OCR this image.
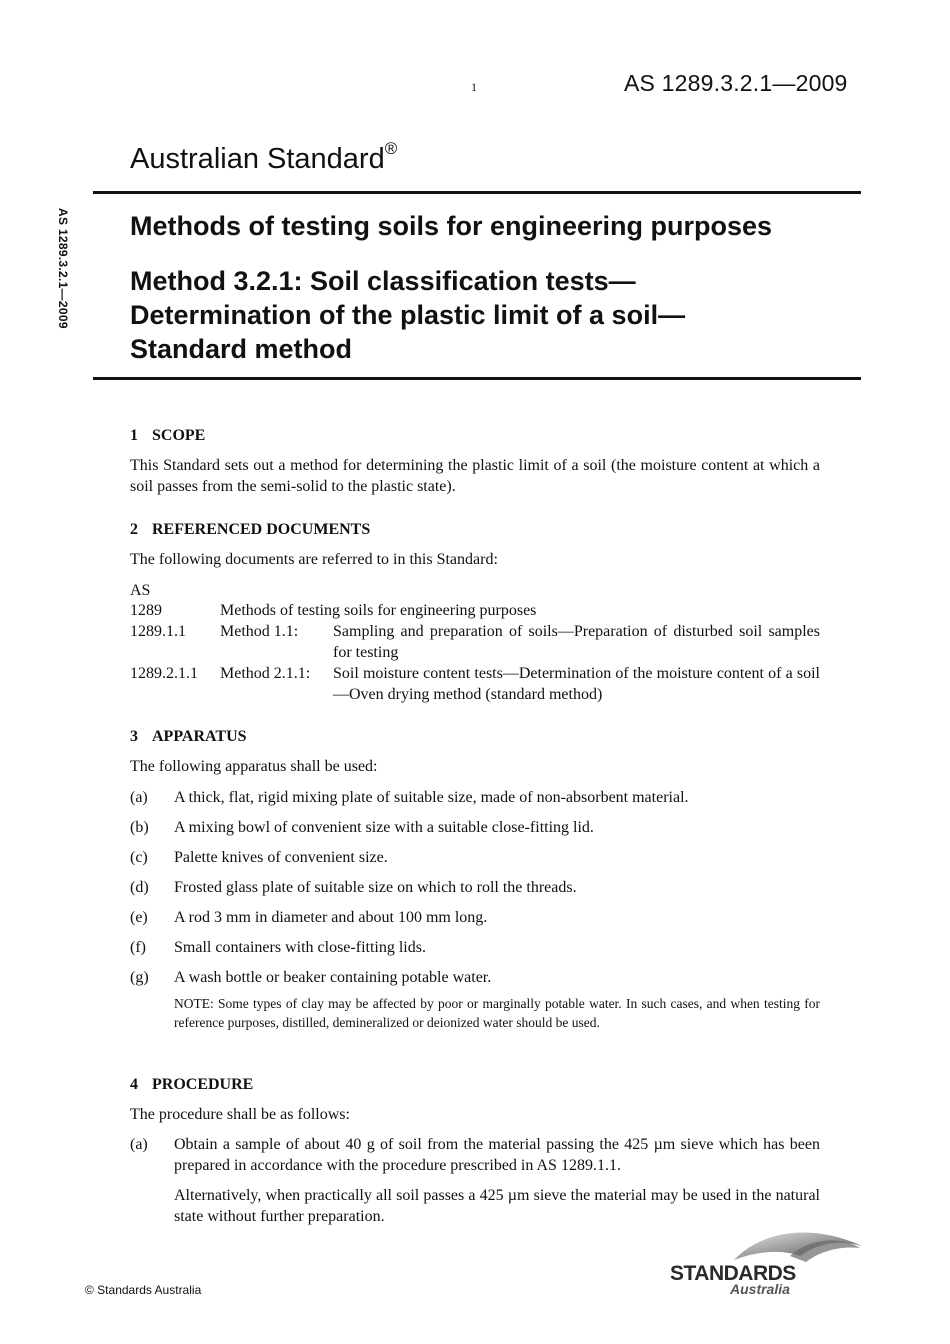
1	AS 1289.3.2.1—2009
Australian Standard®
AS 1289.3.2.1—2009 Methods of testing soils for engineering purposes
Method 3.2.1: Soil classification tests—
Determination of the plastic limit of a soil—
Standard method
1 SCOPE
This Standard sets out a method for determining the plastic limit of a soil (the moisture content at which a soil passes from the semi-solid to the plastic state).
2 REFERENCED DOCUMENTS
The following documents are referred to in this Standard:
AS
1289	Methods of testing soils for engineering purposes
1289.1.1	Method 1.1:	Sampling and preparation of soils—Preparation of disturbed soil samples for testing
1289.2.1.1	Method 2.1.1:	Soil moisture content tests—Determination of the moisture content of a soil—Oven drying method (standard method)
3 APPARATUS
The following apparatus shall be used:
(a)	A thick, flat, rigid mixing plate of suitable size, made of non-absorbent material.
(b)	A mixing bowl of convenient size with a suitable close-fitting lid.
(c)	Palette knives of convenient size.
(d)	Frosted glass plate of suitable size on which to roll the threads.
(e)	A rod 3 mm in diameter and about 100 mm long.
(f)	Small containers with close-fitting lids.
(g)	A wash bottle or beaker containing potable water.
NOTE: Some types of clay may be affected by poor or marginally potable water. In such cases, and when testing for reference purposes, distilled, demineralized or deionized water should be used.
4 PROCEDURE
The procedure shall be as follows:
(a)	Obtain a sample of about 40 g of soil from the material passing the 425 µm sieve which has been prepared in accordance with the procedure prescribed in AS 1289.1.1.
Alternatively, when practically all soil passes a 425 µm sieve the material may be used in the natural state without further preparation.
© Standards Australia
STANDARDS
Australia
